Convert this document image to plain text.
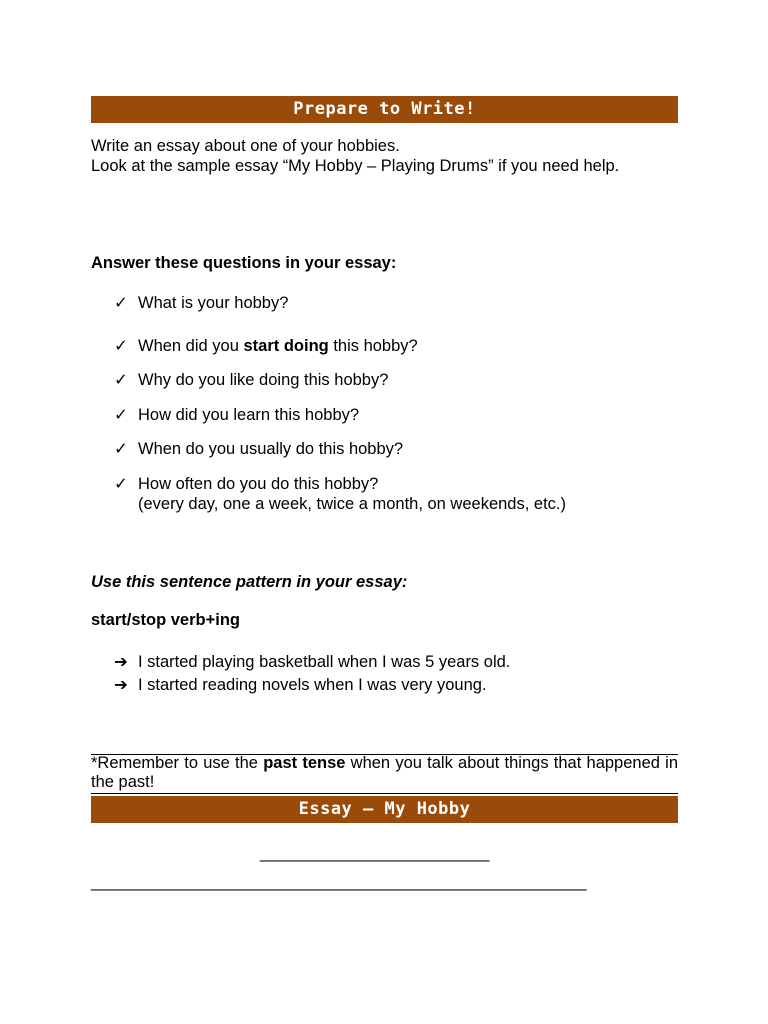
Prepare to Write!
Write an essay about one of your hobbies.
Look at the sample essay “My Hobby – Playing Drums” if you need help.
Answer these questions in your essay:
✓ What is your hobby?
✓ When did you start doing this hobby?
✓ Why do you like doing this hobby?
✓ How did you learn this hobby?
✓ When do you usually do this hobby?
✓ How often do you do this hobby?
(every day, one a week, twice a month, on weekends, etc.)
Use this sentence pattern in your essay:
start/stop verb+ing
➔ I started playing basketball when I was 5 years old.
➔ I started reading novels when I was very young.
*Remember to use the past tense when you talk about things that happened in the past!
Essay – My Hobby
_________________________
______________________________________________________
